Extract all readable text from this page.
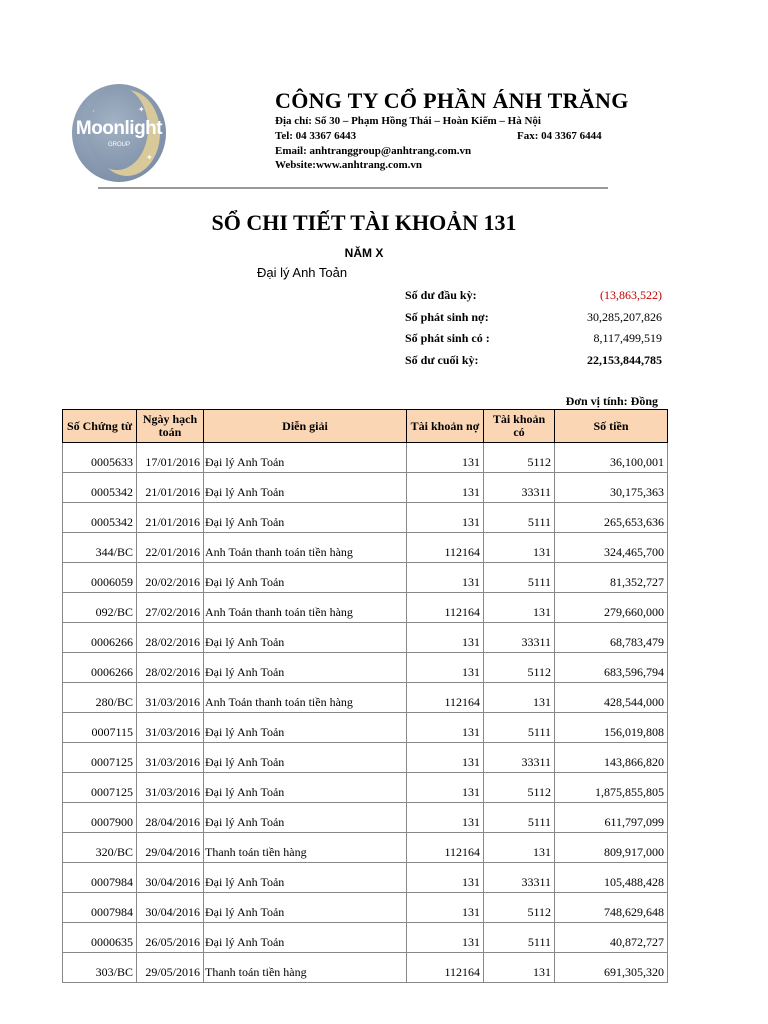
✦
✦
·
Moonlight
GROUP
CÔNG TY CỔ PHẦN ÁNH TRĂNG
Địa chỉ: Số 30 – Phạm Hồng Thái – Hoàn Kiếm – Hà Nội
Tel: 04 3367 6443	Fax: 04 3367 6444
Email: anhtranggroup@anhtrang.com.vn
Website:www.anhtrang.com.vn
SỔ CHI TIẾT TÀI KHOẢN 131
NĂM X
Đại lý Anh Toản
Số dư đầu kỳ:	(13,863,522)
Số phát sinh nợ:	30,285,207,826
Số phát sinh có :	8,117,499,519
Số dư cuối kỳ:	22,153,844,785
Đơn vị tính: Đồng
Số Chứng từ	Ngày hạch toán	Diễn giải	Tài khoản nợ	Tài khoản có	Số tiền
0005633	17/01/2016	Đại lý Anh Toản	131	5112	36,100,001
0005342	21/01/2016	Đại lý Anh Toản	131	33311	30,175,363
0005342	21/01/2016	Đại lý Anh Toản	131	5111	265,653,636
344/BC	22/01/2016	Anh Toản thanh toán tiền hàng	112164	131	324,465,700
0006059	20/02/2016	Đại lý Anh Toản	131	5111	81,352,727
092/BC	27/02/2016	Anh Toản thanh toán tiền hàng	112164	131	279,660,000
0006266	28/02/2016	Đại lý Anh Toản	131	33311	68,783,479
0006266	28/02/2016	Đại lý Anh Toản	131	5112	683,596,794
280/BC	31/03/2016	Anh Toản thanh toán tiền hàng	112164	131	428,544,000
0007115	31/03/2016	Đại lý Anh Toản	131	5111	156,019,808
0007125	31/03/2016	Đại lý Anh Toản	131	33311	143,866,820
0007125	31/03/2016	Đại lý Anh Toản	131	5112	1,875,855,805
0007900	28/04/2016	Đại lý Anh Toản	131	5111	611,797,099
320/BC	29/04/2016	Thanh toán tiền hàng	112164	131	809,917,000
0007984	30/04/2016	Đại lý Anh Toản	131	33311	105,488,428
0007984	30/04/2016	Đại lý Anh Toản	131	5112	748,629,648
0000635	26/05/2016	Đại lý Anh Toản	131	5111	40,872,727
303/BC	29/05/2016	Thanh toán tiền hàng	112164	131	691,305,320
